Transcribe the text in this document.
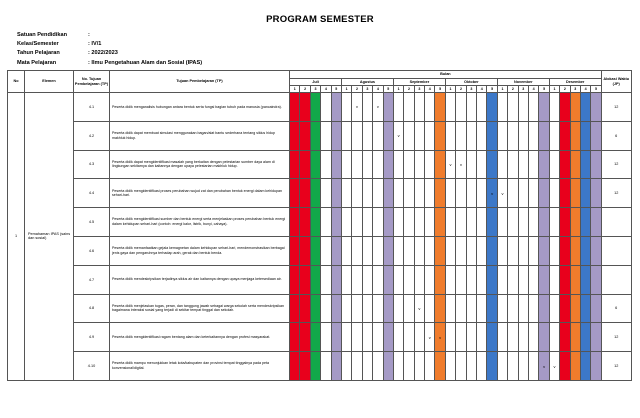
PROGRAM SEMESTER
Satuan Pendidikan	:
Kelas/Semester	: IV/1
Tahun Pelajaran	: 2022/2023
Mata Pelajaran	: Ilmu Pengetahuan Alam dan Sosial (IPAS)
No	Elemen	No. Tujuan Pembelajaran (TP)	Tujuan Pembelajaran (TP)	Bulan																														Alokasi Waktu (JP)
				Juli					Agustus					September					Oktober					November					Desember					
				1	2	3	4	5	1	2	3	4	5	1	2	3	4	5	1	2	3	4	5	1	2	3	4	5	1	2	3	4	5	
1	Pemahaman IPAS (sains dan sosial)	4.1	Peserta didik menganalisis hubungan antara bentuk serta fungsi bagian tubuh pada manusia (pancaindra).							v		v																						12
		4.2	Peserta didik dapat membuat simulasi menggunakan bagan/alat bantu sederhana tentang siklus hidup makhluk hidup.											v																				6
		4.3	Peserta didik dapat mengidentifikasi masalah yang berkaitan dengan pelestarian sumber daya alam di lingkungan sekitarnya dan kaitannya dengan upaya pelestarian makhluk hidup.																v	v														12
		4.4	Peserta didik mengidentifikasi proses perubahan wujud zat dan perubahan bentuk energi dalam kehidupan sehari-hari.																				v	v										12
		4.5	Peserta didik mengidentifikasi sumber dan bentuk energi serta menjelaskan proses perubahan bentuk energi dalam kehidupan sehari-hari (contoh: energi kalor, listrik, bunyi, cahaya).																															
		4.6	Peserta didik memanfaatkan gejala kemagnetan dalam kehidupan sehari-hari, mendemonstrasikan berbagai jenis gaya dan pengaruhnya terhadap arah, gerak dan bentuk benda.																															
		4.7	Peserta didik mendeskripsikan terjadinya siklus air dan kaitannya dengan upaya menjaga ketersediaan air.																															
		4.8	Peserta didik menjelaskan tugas, peran, dan tanggung jawab sebagai warga sekolah serta mendeskripsikan bagaimana interaksi sosial yang terjadi di sekitar tempat tinggal dan sekolah.													v																		6
		4.9	Peserta didik mengidentifikasi ragam bentang alam dan keterkaitannya dengan profesi masyarakat.														v	v																12
		4.10	Peserta didik mampu menunjukkan letak kota/kabupaten dan provinsi tempat tinggalnya pada peta konvensional/digital.																									v	v					12
